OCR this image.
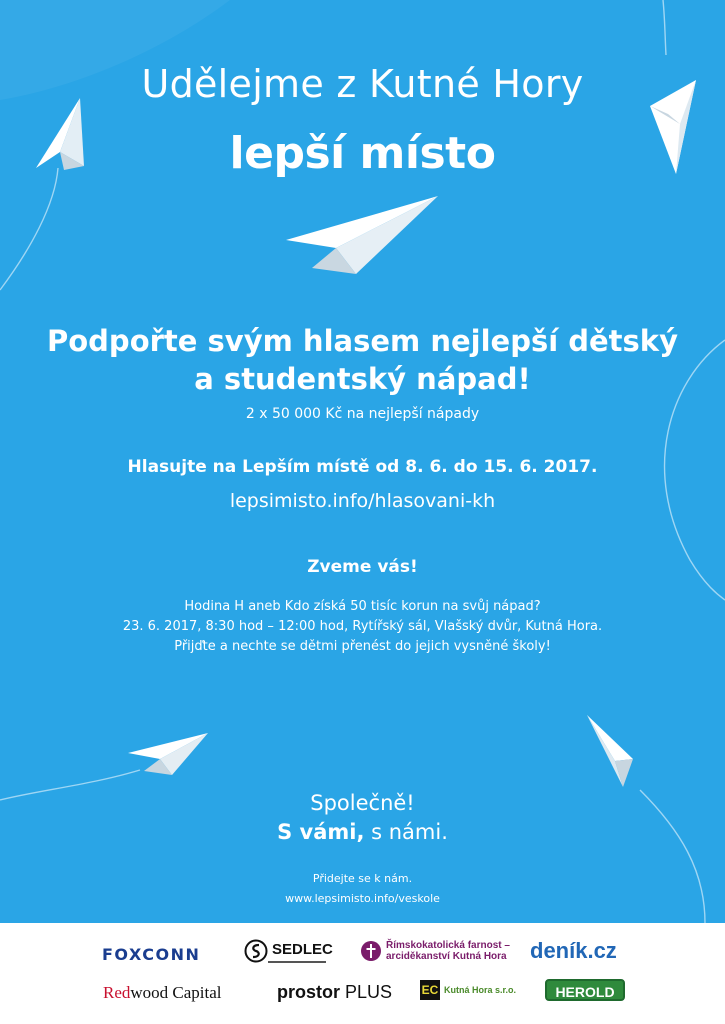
Udělejme z Kutné Hory
lepší místo
Podpořte svým hlasem nejlepší dětský
a studentský nápad!
2 x 50 000 Kč na nejlepší nápady
Hlasujte na Lepším místě od 8. 6. do 15. 6. 2017.
lepsimisto.info/hlasovani-kh
Zveme vás!
Hodina H aneb Kdo získá 50 tisíc korun na svůj nápad?
23. 6. 2017, 8:30 hod – 12:00 hod, Rytířský sál, Vlašský dvůr, Kutná Hora.
Přijďte a nechte se dětmi přenést do jejich vysněné školy!
Společně!
S vámi, s námi.
Přidejte se k nám.
www.lepsimisto.info/veskole
FOXCONN	SEDLEC	Římskokatolická farnost –
arciděkanství Kutná Hora deník.cz
Redwood Capital	prostor PLUS EC Kutná Hora s.r.o.	HEROLD
